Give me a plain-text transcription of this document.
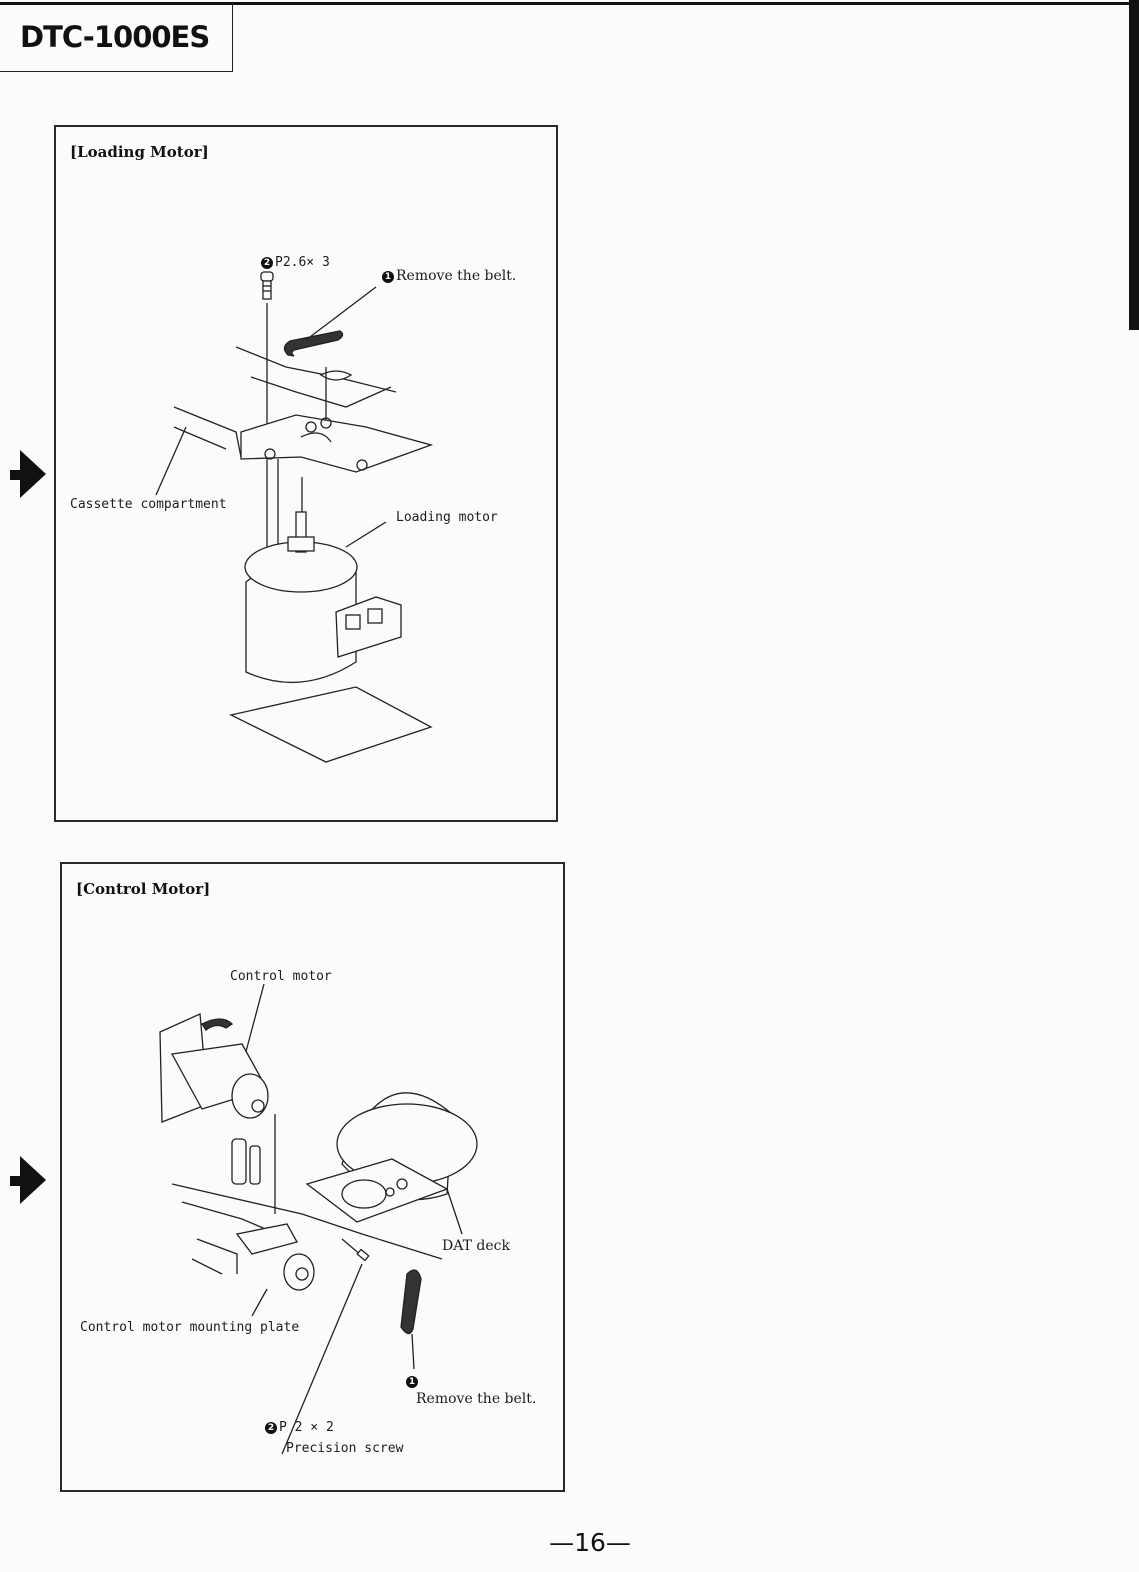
DTC-1000ES
[Loading Motor]
2 P2.6× 3
1 Remove the belt.
Cassette compartment
Loading motor
[Control Motor]
Control motor
DAT deck
Control motor mounting plate
1
Remove the belt.
2 P 2 × 2
Precision screw
—16—
